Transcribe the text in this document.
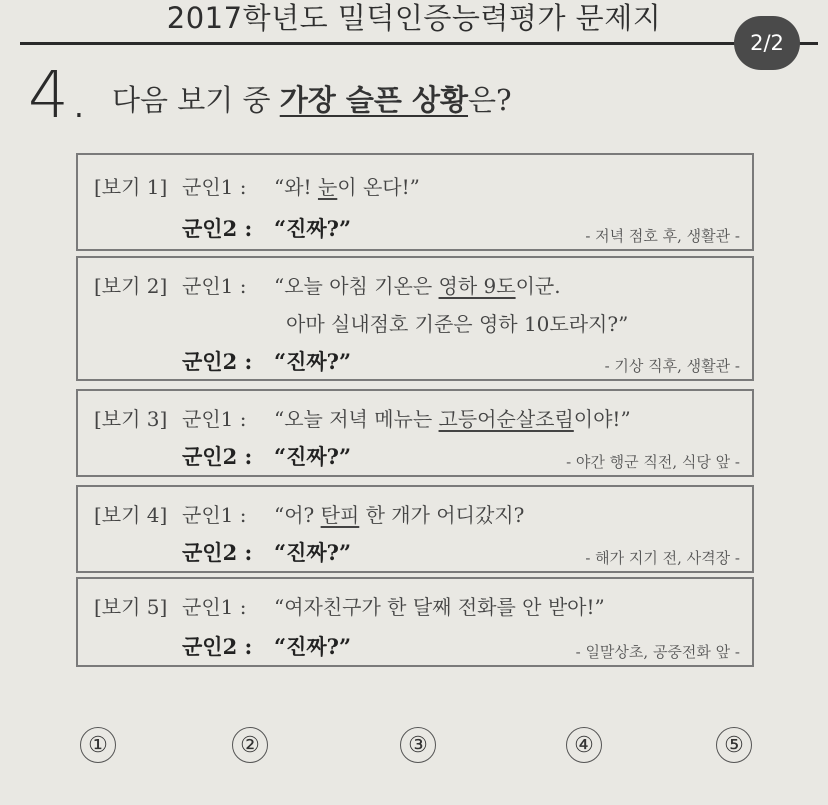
2017학년도 밀덕인증능력평가 문제지
2/2
4. 다음 보기 중 가장 슬픈 상황은?
[보기 1] 군인1 : “와! 눈이 온다!”
군인2 : “진짜?”	- 저녁 점호 후, 생활관 -
[보기 2] 군인1 : “오늘 아침 기온은 영하 9도이군.
아마 실내점호 기준은 영하 10도라지?”
군인2 : “진짜?”	- 기상 직후, 생활관 -
[보기 3] 군인1 : “오늘 저녁 메뉴는 고등어순살조림이야!”
군인2 : “진짜?”	- 야간 행군 직전, 식당 앞 -
[보기 4] 군인1 : “어? 탄피 한 개가 어디갔지?
군인2 : “진짜?”	- 해가 지기 전, 사격장 -
[보기 5] 군인1 : “여자친구가 한 달째 전화를 안 받아!”
군인2 : “진짜?”	- 일말상초, 공중전화 앞 -
①	②	③	④	⑤
